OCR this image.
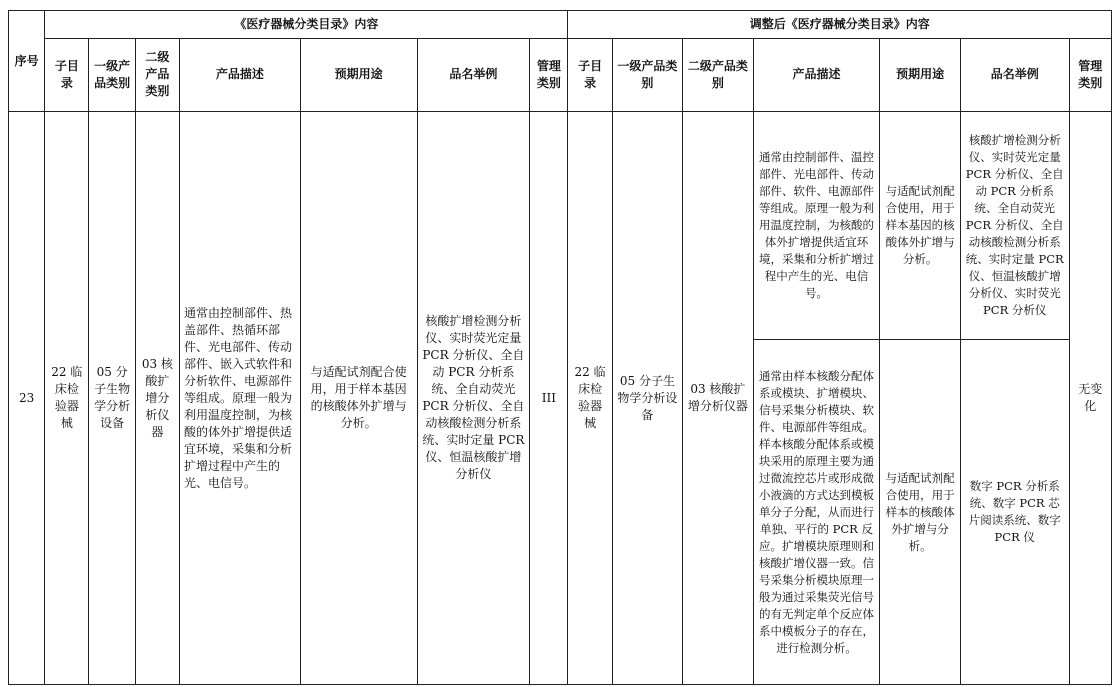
序号	《医疗器械分类目录》内容							调整后《医疗器械分类目录》内容						
	子目录	一级产品类别	二级产品类别	产品描述	预期用途	品名举例	管理类别	子目录	一级产品类别	二级产品类别	产品描述	预期用途	品名举例	管理类别
23	22 临床检验器械	05 分子生物学分析设备	03 核酸扩增分析仪器	通常由控制部件、热盖部件、热循环部件、光电部件、传动部件、嵌入式软件和分析软件、电源部件等组成。原理一般为利用温度控制，为核酸的体外扩增提供适宜环境，采集和分析扩增过程中产生的光、电信号。	与适配试剂配合使用，用于样本基因的核酸体外扩增与分析。	核酸扩增检测分析仪、实时荧光定量 PCR 分析仪、全自动 PCR 分析系统、全自动荧光 PCR 分析仪、全自动核酸检测分析系统、实时定量 PCR 仪、恒温核酸扩增分析仪	III	22 临床检验器械	05 分子生物学分析设备	03 核酸扩增分析仪器	通常由控制部件、温控部件、光电部件、传动部件、软件、电源部件等组成。原理一般为利用温度控制，为核酸的体外扩增提供适宜环境，采集和分析扩增过程中产生的光、电信号。	与适配试剂配合使用，用于样本基因的核酸体外扩增与分析。	核酸扩增检测分析仪、实时荧光定量 PCR 分析仪、全自动 PCR 分析系统、全自动荧光 PCR 分析仪、全自动核酸检测分析系统、实时定量 PCR 仪、恒温核酸扩增分析仪、实时荧光 PCR 分析仪	无变化
											通常由样本核酸分配体系或模块、扩增模块、信号采集分析模块、软件、电源部件等组成。样本核酸分配体系或模块采用的原理主要为通过微流控芯片或形成微小液滴的方式达到模板单分子分配，从而进行单独、平行的 PCR 反应。扩增模块原理则和核酸扩增仪器一致。信号采集分析模块原理一般为通过采集荧光信号的有无判定单个反应体系中模板分子的存在，进行检测分析。	与适配试剂配合使用，用于样本的核酸体外扩增与分析。	数字 PCR 分析系统、数字 PCR 芯片阅读系统、数字 PCR 仪	
